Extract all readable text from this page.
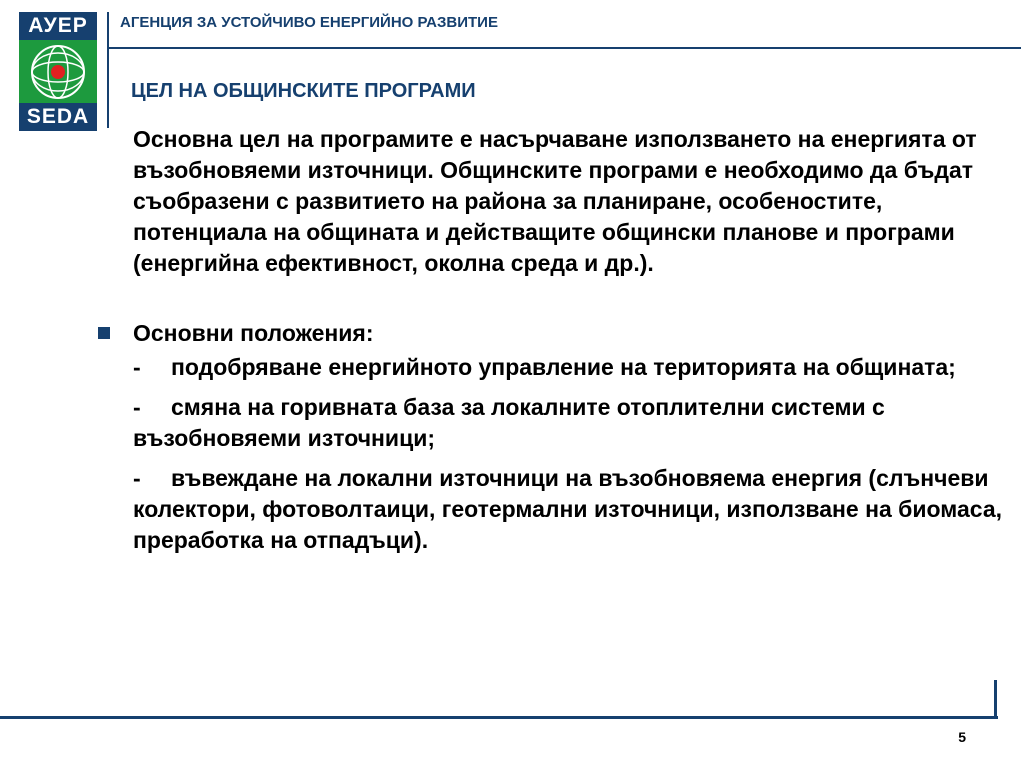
АУЕР
SEDA
АГЕНЦИЯ ЗА УСТОЙЧИВО ЕНЕРГИЙНО РАЗВИТИЕ
ЦЕЛ НА ОБЩИНСКИТЕ ПРОГРАМИ

Основна цел на програмите е насърчаване използването на енергията от възобновяеми източници. Общинските програми е необходимо да бъдат съобразени с развитието на района за планиране, особеностите, потенциала на общината и действащите общински планове и програми (енергийна ефективност, околна среда и др.).

Основни положения:

- подобряване енергийното управление на територията на общината;

- смяна на горивната база за локалните отоплителни системи с възобновяеми източници;

- въвеждане на локални източници на възобновяема енергия (слънчеви колектори, фотоволтаици, геотермални източници, използване на биомаса, преработка на отпадъци).

5
